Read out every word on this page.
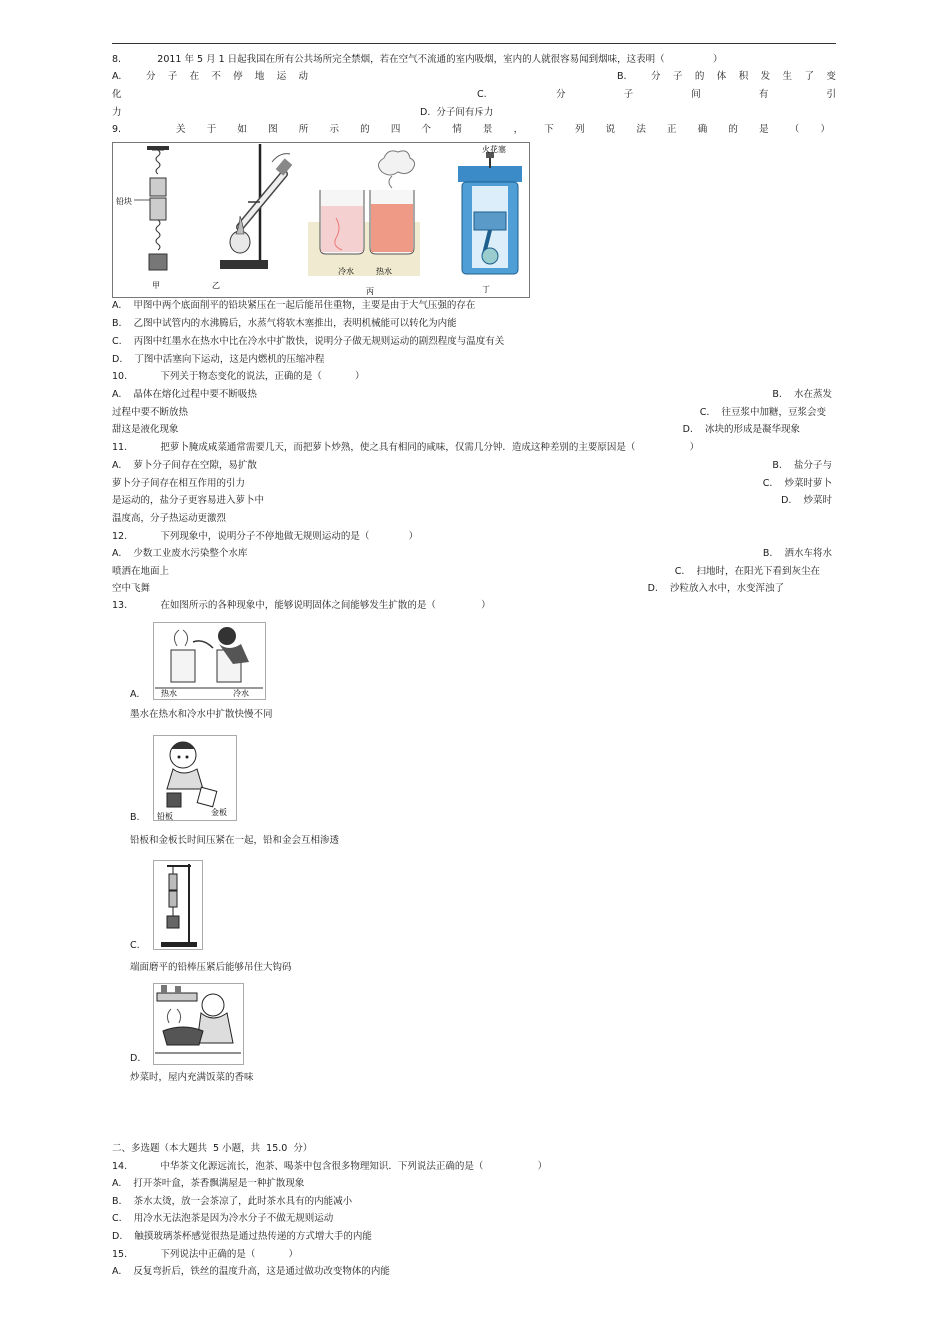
8.            2011 年 5 月 1 日起我国在所有公共场所完全禁烟，若在空气不流通的室内吸烟，室内的人就很容易闻到烟味，这表明（                ）
A.	分 子 在 不 停 地 运 动	B.	分 子 的 体 积 发 生 了 变
化	C.	分	子	间	有	引
力	D.  分子间有斥力
9.	关 于 如 图 所 示 的 四 个 情 景 ， 下 列 说 法 正 确 的 是 （ ）
铅块
甲	乙
冷水	热水
丙
火花塞
丁
A.    甲图中两个底面削平的铅块紧压在一起后能吊住重物，主要是由于大气压强的存在
B.    乙图中试管内的水沸腾后，水蒸气将软木塞推出，表明机械能可以转化为内能
C.    丙图中红墨水在热水中比在冷水中扩散快，说明分子做无规则运动的剧烈程度与温度有关
D.    丁图中活塞向下运动，这是内燃机的压缩冲程
10.           下列关于物态变化的说法，正确的是（           ）
A.    晶体在熔化过程中要不断吸热	B.    水在蒸发
过程中要不断放热	C.    往豆浆中加糖，豆浆会变
甜这是液化现象	D.    冰块的形成是凝华现象
11.           把萝卜腌成咸菜通常需要几天，而把萝卜炒熟，使之具有相同的咸味，仅需几分钟．造成这种差别的主要原因是（                  ）
A.    萝卜分子间存在空隙，易扩散	B.    盐分子与
萝卜分子间存在相互作用的引力	C.    炒菜时萝卜
是运动的，盐分子更容易进入萝卜中	D.    炒菜时
温度高，分子热运动更激烈
12.           下列现象中，说明分子不停地做无规则运动的是（             ）
A.    少数工业废水污染整个水库	B.    洒水车将水
喷洒在地面上	C.    扫地时，在阳光下看到灰尘在
空中飞舞	D.    沙粒放入水中，水变浑浊了
13.           在如图所示的各种现象中，能够说明固体之间能够发生扩散的是（               ）
热水	冷水
A.
墨水在热水和冷水中扩散快慢不同
铅板	金板
B.
铅板和金板长时间压紧在一起，铅和金会互相渗透
C.
端面磨平的铅棒压紧后能够吊住大钩码
D.
炒菜时，屋内充满饭菜的香味
二、多选题（本大题共  5 小题，共  15.0  分）
14.           中华茶文化源远流长，泡茶、喝茶中包含很多物理知识．下列说法正确的是（                  ）
A.    打开茶叶盒，茶香飘满屋是一种扩散现象
B.    茶水太烫，放一会茶凉了，此时茶水具有的内能减小
C.    用冷水无法泡茶是因为冷水分子不做无规则运动
D.    触摸玻璃茶杯感觉很热是通过热传递的方式增大手的内能
15.           下列说法中正确的是（           ）
A.    反复弯折后，铁丝的温度升高，这是通过做功改变物体的内能
